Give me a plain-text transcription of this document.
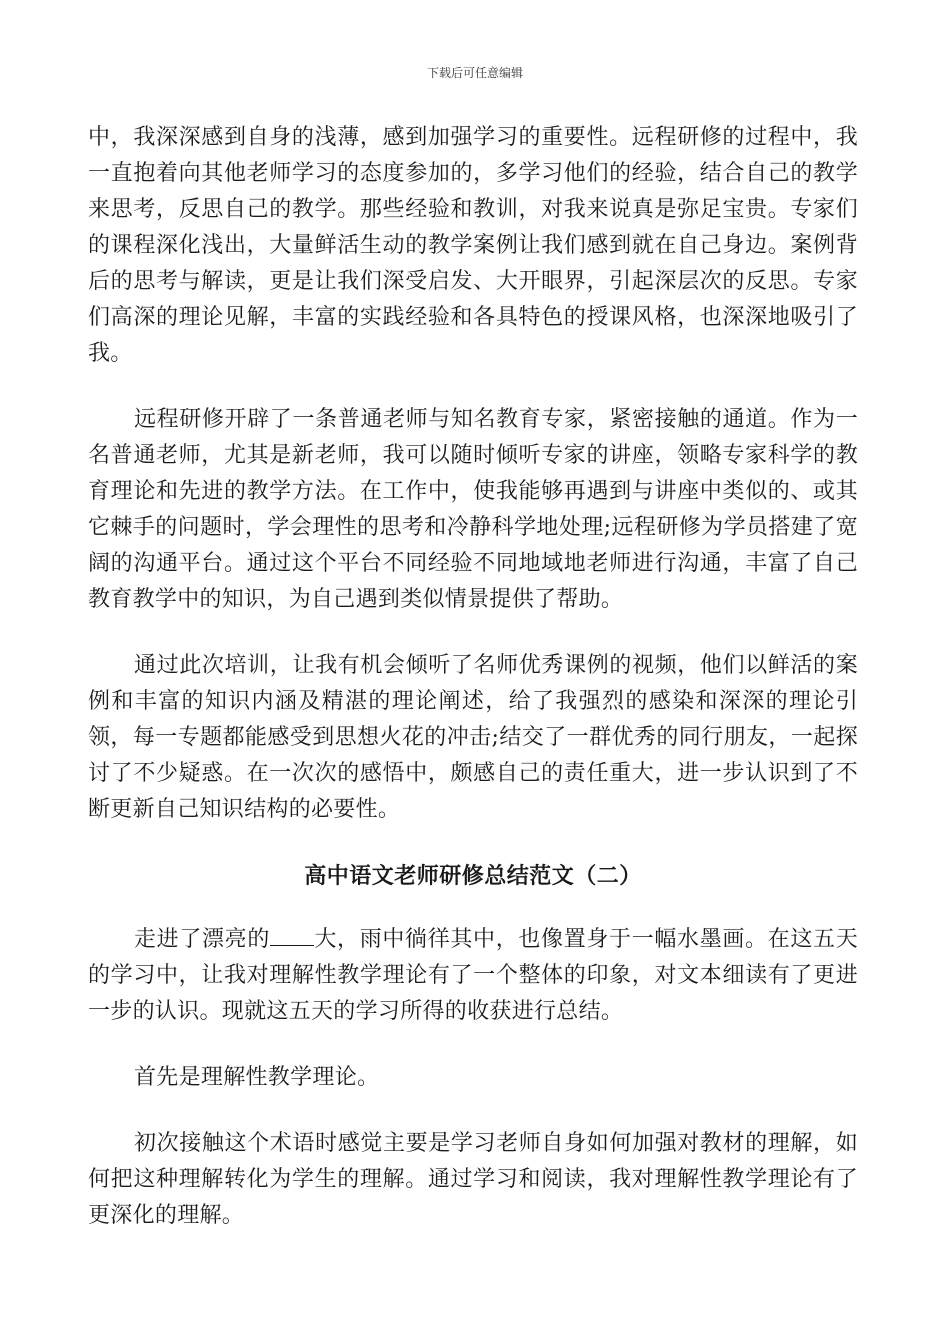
下载后可任意编辑

中，我深深感到自身的浅薄，感到加强学习的重要性。远程研修的过程中，我一直抱着向其他老师学习的态度参加的，多学习他们的经验，结合自己的教学来思考，反思自己的教学。那些经验和教训，对我来说真是弥足宝贵。专家们的课程深化浅出，大量鲜活生动的教学案例让我们感到就在自己身边。案例背后的思考与解读，更是让我们深受启发、大开眼界，引起深层次的反思。专家们高深的理论见解，丰富的实践经验和各具特色的授课风格，也深深地吸引了我。

远程研修开辟了一条普通老师与知名教育专家，紧密接触的通道。作为一名普通老师，尤其是新老师，我可以随时倾听专家的讲座，领略专家科学的教育理论和先进的教学方法。在工作中，使我能够再遇到与讲座中类似的、或其它棘手的问题时，学会理性的思考和冷静科学地处理;远程研修为学员搭建了宽阔的沟通平台。通过这个平台不同经验不同地域地老师进行沟通，丰富了自己教育教学中的知识，为自己遇到类似情景提供了帮助。

通过此次培训，让我有机会倾听了名师优秀课例的视频，他们以鲜活的案例和丰富的知识内涵及精湛的理论阐述，给了我强烈的感染和深深的理论引领，每一专题都能感受到思想火花的冲击;结交了一群优秀的同行朋友，一起探讨了不少疑惑。在一次次的感悟中，颇感自己的责任重大，进一步认识到了不断更新自己知识结构的必要性。

高中语文老师研修总结范文（二）

走进了漂亮的 大，雨中徜徉其中，也像置身于一幅水墨画。在这五天的学习中，让我对理解性教学理论有了一个整体的印象，对文本细读有了更进一步的认识。现就这五天的学习所得的收获进行总结。

首先是理解性教学理论。

初次接触这个术语时感觉主要是学习老师自身如何加强对教材的理解，如何把这种理解转化为学生的理解。通过学习和阅读，我对理解性教学理论有了更深化的理解。
